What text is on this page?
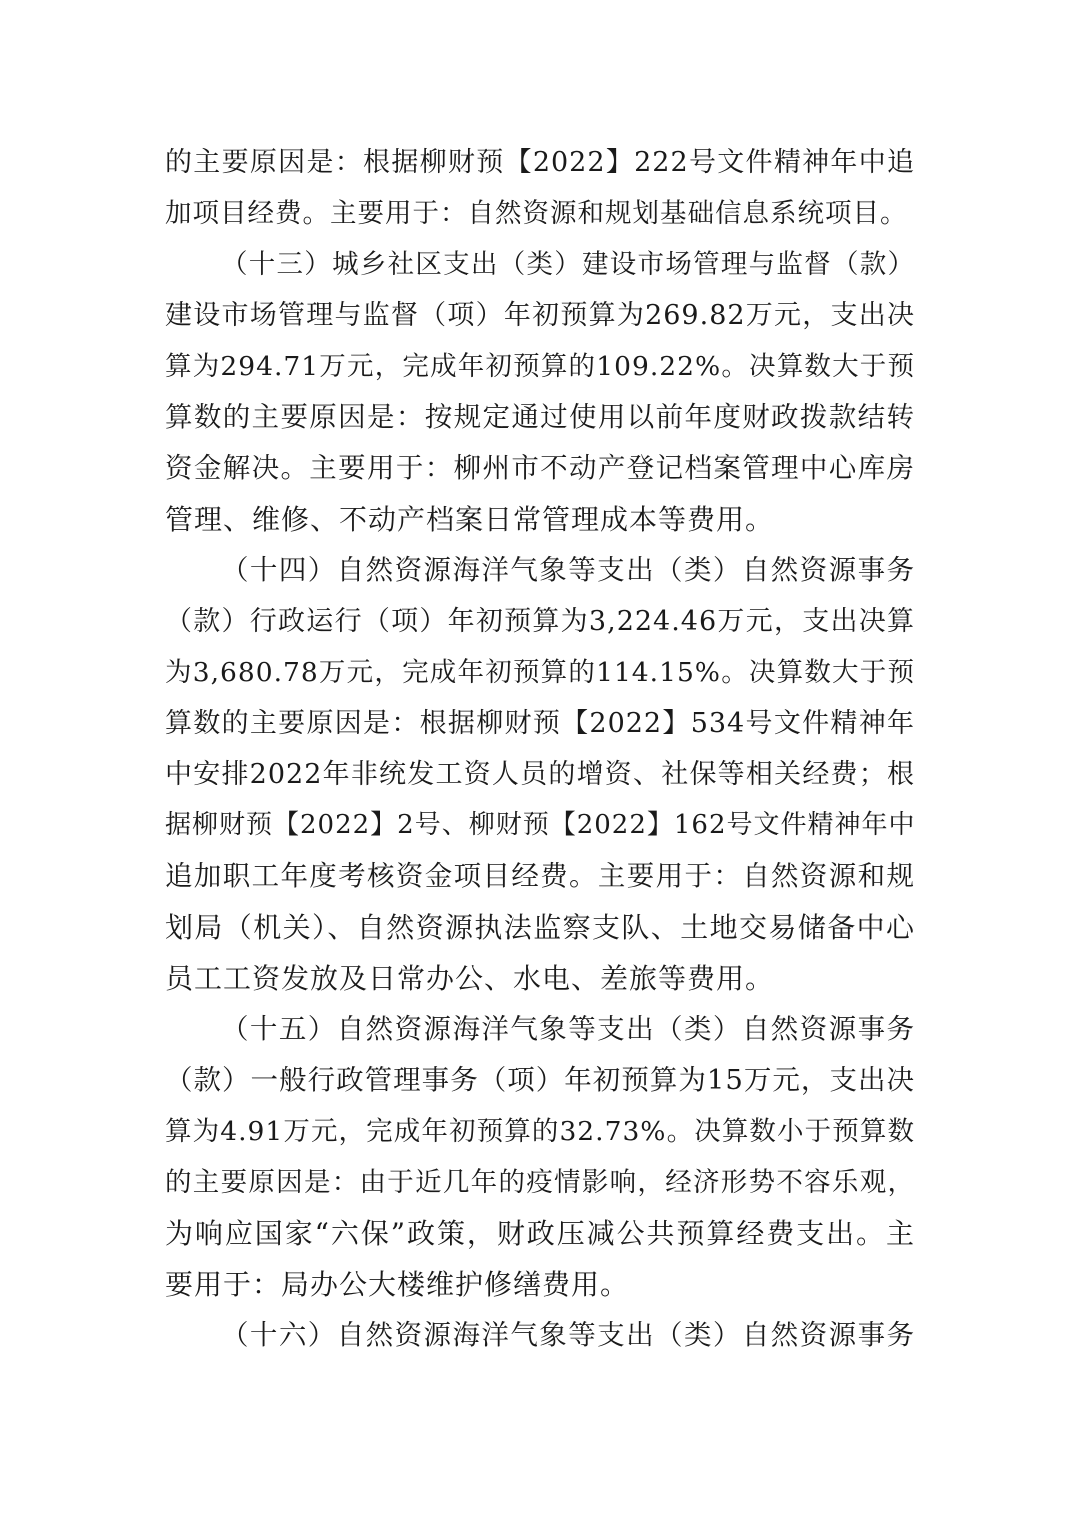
的主要原因是：根据柳财预【2022】222号文件精神年中追
加项目经费。主要用于：自然资源和规划基础信息系统项目。
（十三）城乡社区支出（类）建设市场管理与监督（款）
建设市场管理与监督（项）年初预算为269.82万元，支出决
算为294.71万元，完成年初预算的109.22%。决算数大于预
算数的主要原因是：按规定通过使用以前年度财政拨款结转
资金解决。主要用于：柳州市不动产登记档案管理中心库房
管理、维修、不动产档案日常管理成本等费用。
（十四）自然资源海洋气象等支出（类）自然资源事务
（款）行政运行（项）年初预算为3,224.46万元，支出决算
为3,680.78万元，完成年初预算的114.15%。决算数大于预
算数的主要原因是：根据柳财预【2022】534号文件精神年
中安排2022年非统发工资人员的增资、社保等相关经费；根
据柳财预【2022】2号、柳财预【2022】162号文件精神年中
追加职工年度考核资金项目经费。主要用于：自然资源和规
划局（机关）、自然资源执法监察支队、土地交易储备中心
员工工资发放及日常办公、水电、差旅等费用。
（十五）自然资源海洋气象等支出（类）自然资源事务
（款）一般行政管理事务（项）年初预算为15万元，支出决
算为4.91万元，完成年初预算的32.73%。决算数小于预算数
的主要原因是：由于近几年的疫情影响，经济形势不容乐观，
为响应国家“六保”政策，财政压减公共预算经费支出。主
要用于：局办公大楼维护修缮费用。
（十六）自然资源海洋气象等支出（类）自然资源事务
